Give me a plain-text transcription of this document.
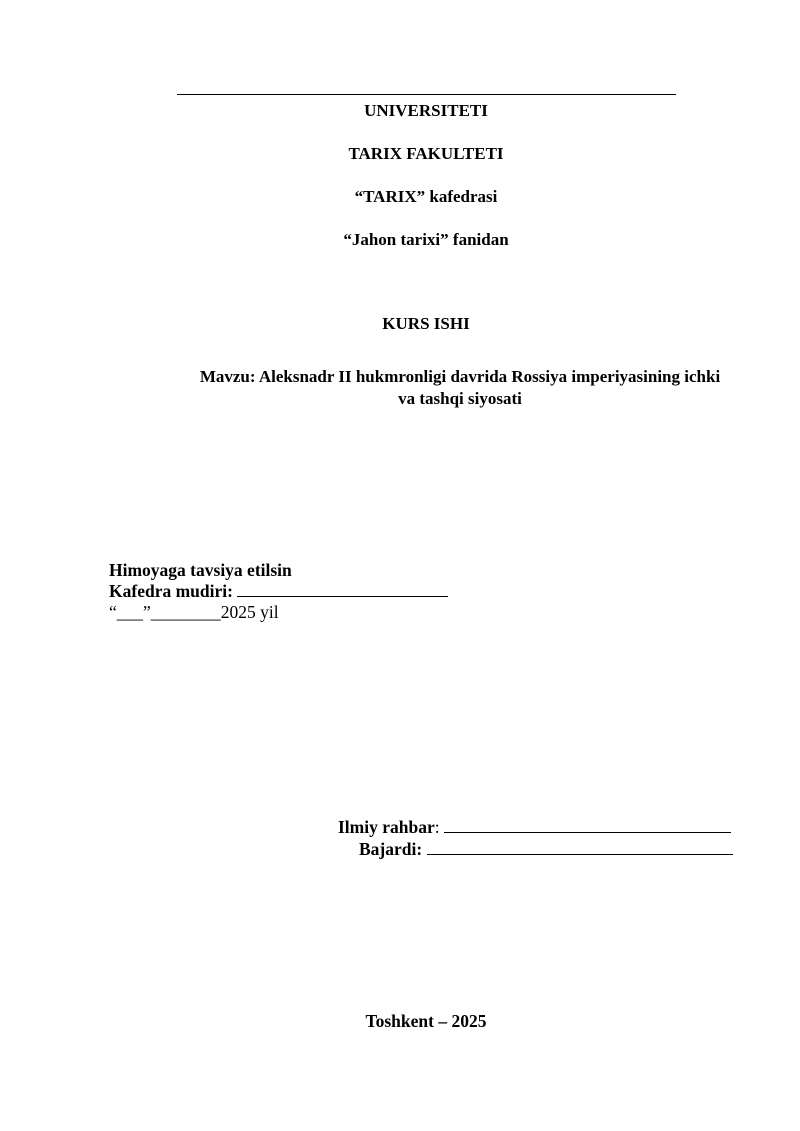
UNIVERSITETI
TARIX FAKULTETI
“TARIX” kafedrasi
“Jahon tarixi” fanidan
KURS ISHI
Mavzu: Aleksnadr II hukmronligi davrida Rossiya imperiyasining ichki
va tashqi siyosati
Himoyaga tavsiya etilsin
Kafedra mudiri:
“___”________2025 yil
Ilmiy rahbar:
Bajardi:
Toshkent – 2025
